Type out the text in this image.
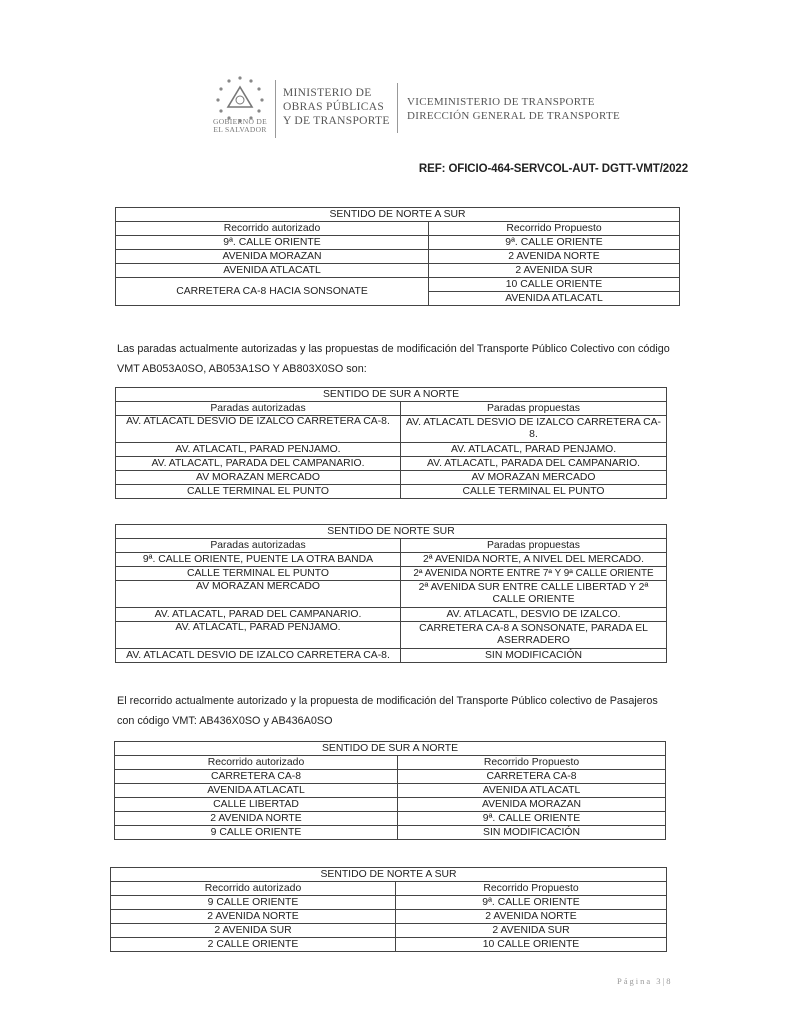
GOBIERNO DE
EL SALVADOR
MINISTERIO DE
OBRAS PÚBLICAS
Y DE TRANSPORTE
VICEMINISTERIO DE TRANSPORTE
DIRECCIÓN GENERAL DE TRANSPORTE
REF: OFICIO-464-SERVCOL-AUT- DGTT-VMT/2022
SENTIDO DE NORTE A SUR	
Recorrido autorizado	Recorrido Propuesto
9ª. CALLE ORIENTE	9ª. CALLE ORIENTE
AVENIDA MORAZAN	2 AVENIDA NORTE
AVENIDA ATLACATL	2 AVENIDA SUR
CARRETERA CA-8 HACIA SONSONATE	10 CALLE ORIENTE
	AVENIDA ATLACATL

Las paradas actualmente autorizadas y las propuestas de modificación del Transporte Público Colectivo con código VMT AB053A0SO, AB053A1SO Y AB803X0SO son:

SENTIDO DE SUR A NORTE	
Paradas autorizadas	Paradas propuestas
AV. ATLACATL DESVIO DE IZALCO CARRETERA CA-8.	AV. ATLACATL DESVIO DE IZALCO CARRETERA CA-8.
AV. ATLACATL, PARAD PENJAMO.	AV. ATLACATL, PARAD PENJAMO.
AV. ATLACATL, PARADA DEL CAMPANARIO.	AV. ATLACATL, PARADA DEL CAMPANARIO.
AV MORAZAN MERCADO	AV MORAZAN MERCADO
CALLE TERMINAL EL PUNTO	CALLE TERMINAL EL PUNTO
SENTIDO DE NORTE SUR	
Paradas autorizadas	Paradas propuestas
9ª. CALLE ORIENTE, PUENTE LA OTRA BANDA	2ª AVENIDA NORTE, A NIVEL DEL MERCADO.
CALLE TERMINAL EL PUNTO	2ª AVENIDA NORTE ENTRE 7ª Y 9ª CALLE ORIENTE
AV MORAZAN MERCADO	2ª AVENIDA SUR ENTRE CALLE LIBERTAD Y 2ª CALLE ORIENTE
AV. ATLACATL, PARAD DEL CAMPANARIO.	AV. ATLACATL, DESVIO DE IZALCO.
AV. ATLACATL, PARAD PENJAMO.	CARRETERA CA-8 A SONSONATE, PARADA EL ASERRADERO
AV. ATLACATL DESVIO DE IZALCO CARRETERA CA-8.	SIN MODIFICACIÓN

El recorrido actualmente autorizado y la propuesta de modificación del Transporte Público colectivo de Pasajeros con código VMT: AB436X0SO y AB436A0SO

SENTIDO DE SUR A NORTE	
Recorrido autorizado	Recorrido Propuesto
CARRETERA CA-8	CARRETERA CA-8
AVENIDA ATLACATL	AVENIDA ATLACATL
CALLE LIBERTAD	AVENIDA MORAZAN
2 AVENIDA NORTE	9ª. CALLE ORIENTE
9 CALLE ORIENTE	SIN MODIFICACIÓN
SENTIDO DE NORTE A SUR	
Recorrido autorizado	Recorrido Propuesto
9 CALLE ORIENTE	9ª. CALLE ORIENTE
2 AVENIDA NORTE	2 AVENIDA NORTE
2 AVENIDA SUR	2 AVENIDA SUR
2 CALLE ORIENTE	10 CALLE ORIENTE
Página 3|8
